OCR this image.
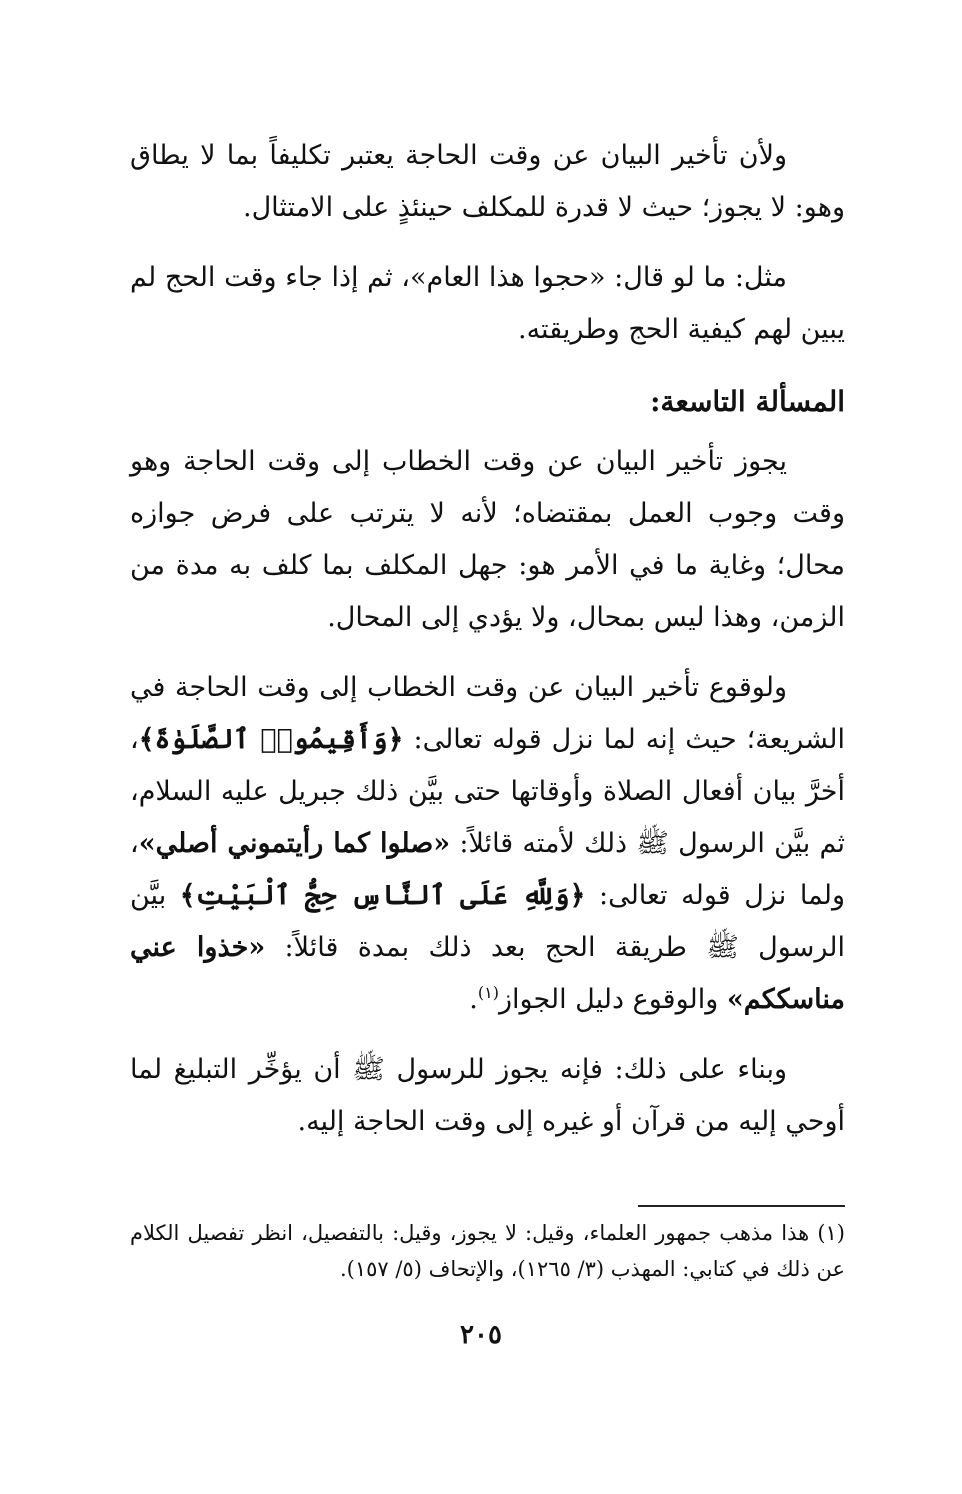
ولأن تأخير البيان عن وقت الحاجة يعتبر تكليفاً بما لا يطاق وهو: لا يجوز؛ حيث لا قدرة للمكلف حينئذٍ على الامتثال.

مثل: ما لو قال: «حجوا هذا العام»، ثم إذا جاء وقت الحج لم يبين لهم كيفية الحج وطريقته.

المسألة التاسعة:

يجوز تأخير البيان عن وقت الخطاب إلى وقت الحاجة وهو وقت وجوب العمل بمقتضاه؛ لأنه لا يترتب على فرض جوازه محال؛ وغاية ما في الأمر هو: جهل المكلف بما كلف به مدة من الزمن، وهذا ليس بمحال، ولا يؤدي إلى المحال.

ولوقوع تأخير البيان عن وقت الخطاب إلى وقت الحاجة في الشريعة؛ حيث إنه لما نزل قوله تعالى: ﴿وَأَقِيمُوا۟ ٱلصَّلَوٰةَ﴾، أخرَّ بيان أفعال الصلاة وأوقاتها حتى بيَّن ذلك جبريل عليه السلام، ثم بيَّن الرسول ﷺ ذلك لأمته قائلاً: «صلوا كما رأيتموني أصلي»، ولما نزل قوله تعالى: ﴿وَلِلَّهِ عَلَى ٱلنَّاسِ حِجُّ ٱلْبَيْتِ﴾ بيَّن الرسول ﷺ طريقة الحج بعد ذلك بمدة قائلاً: «خذوا عني مناسككم» والوقوع دليل الجواز$^{(١)}$.

وبناء على ذلك: فإنه يجوز للرسول ﷺ أن يؤخِّر التبليغ لما أوحي إليه من قرآن أو غيره إلى وقت الحاجة إليه.

(١) هذا مذهب جمهور العلماء، وقيل: لا يجوز، وقيل: بالتفصيل، انظر تفصيل الكلام عن ذلك في كتابي: المهذب (٣/ ١٢٦٥)، والإتحاف (٥/ ١٥٧).
٢٠٥
